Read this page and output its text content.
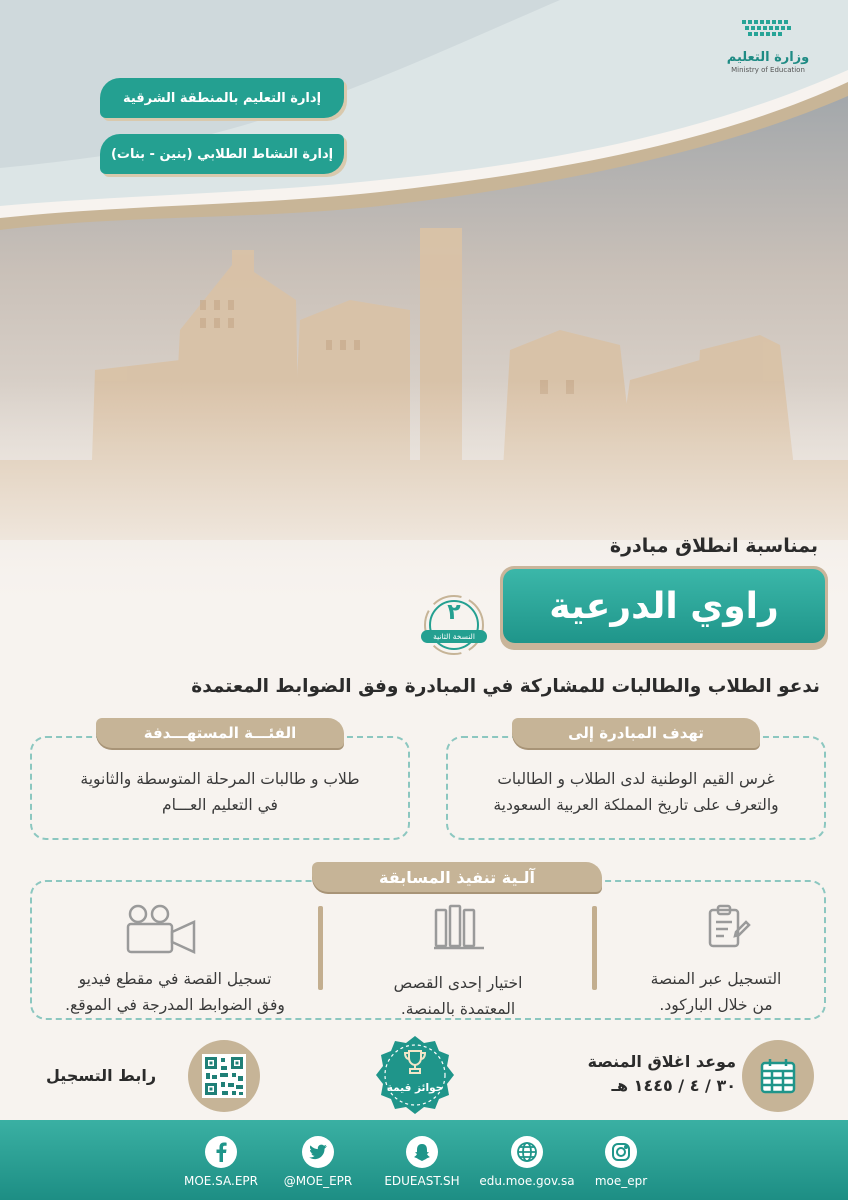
وزارة التعليم
Ministry of Education
إدارة التعليم بالمنطقة الشرقية
إدارة النشاط الطلابي (بنين - بنات)
بمناسبة انطلاق مبادرة
راوي الدرعية
٢
النسخة الثانية
ندعو الطلاب والطالبات للمشاركة في المبادرة وفق الضوابط المعتمدة
غرس القيم الوطنية لدى الطلاب و الطالبات
والتعرف على تاريخ المملكة العربية السعودية
تهدف المبادرة إلى
طلاب و طالبات المرحلة المتوسطة والثانوية
في التعليم العـــام
الفئـــة المستهـــدفة
آلـية تنفيذ المسابقة
التسجيل عبر المنصة
من خلال الباركود.
اختيار إحدى القصص
المعتمدة بالمنصة.
تسجيل القصة في مقطع فيديو
وفق الضوابط المدرجة في الموقع.
موعد اغلاق المنصة
٣٠ / ٤ / ١٤٤٥ هـ
جوائز قيمة
رابط التسجيل
moe_epr
edu.moe.gov.sa
EDUEAST.SH
@MOE_EPR
MOE.SA.EPR
